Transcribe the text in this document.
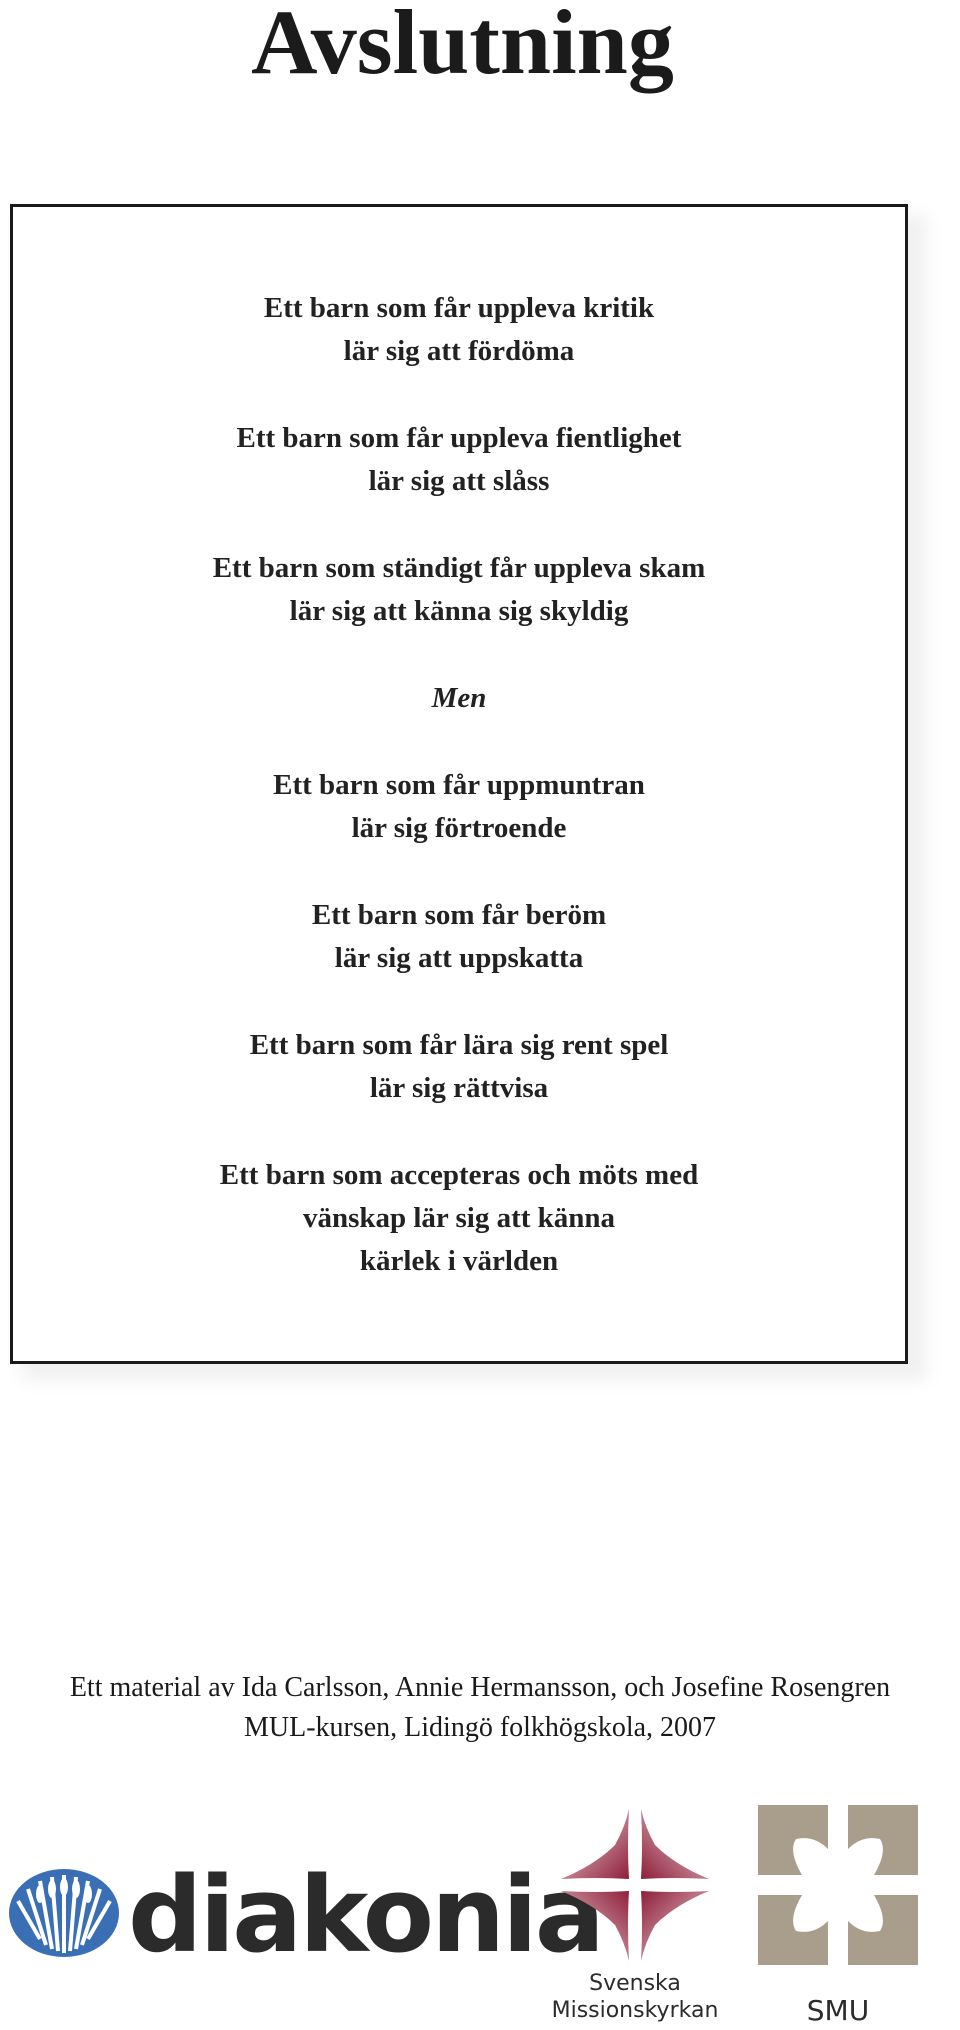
Avslutning
Ett barn som får uppleva kritik
lär sig att fördöma
Ett barn som får uppleva fientlighet
lär sig att slåss
Ett barn som ständigt får uppleva skam
lär sig att känna sig skyldig
Men
Ett barn som får uppmuntran
lär sig förtroende
Ett barn som får beröm
lär sig att uppskatta
Ett barn som får lära sig rent spel
lär sig rättvisa
Ett barn som accepteras och möts med
vänskap lär sig att känna
kärlek i världen
Ett material av Ida Carlsson, Annie Hermansson, och Josefine Rosengren
MUL-kursen, Lidingö folkhögskola, 2007
diakonia
Svenska
Missionskyrkan	SMU
